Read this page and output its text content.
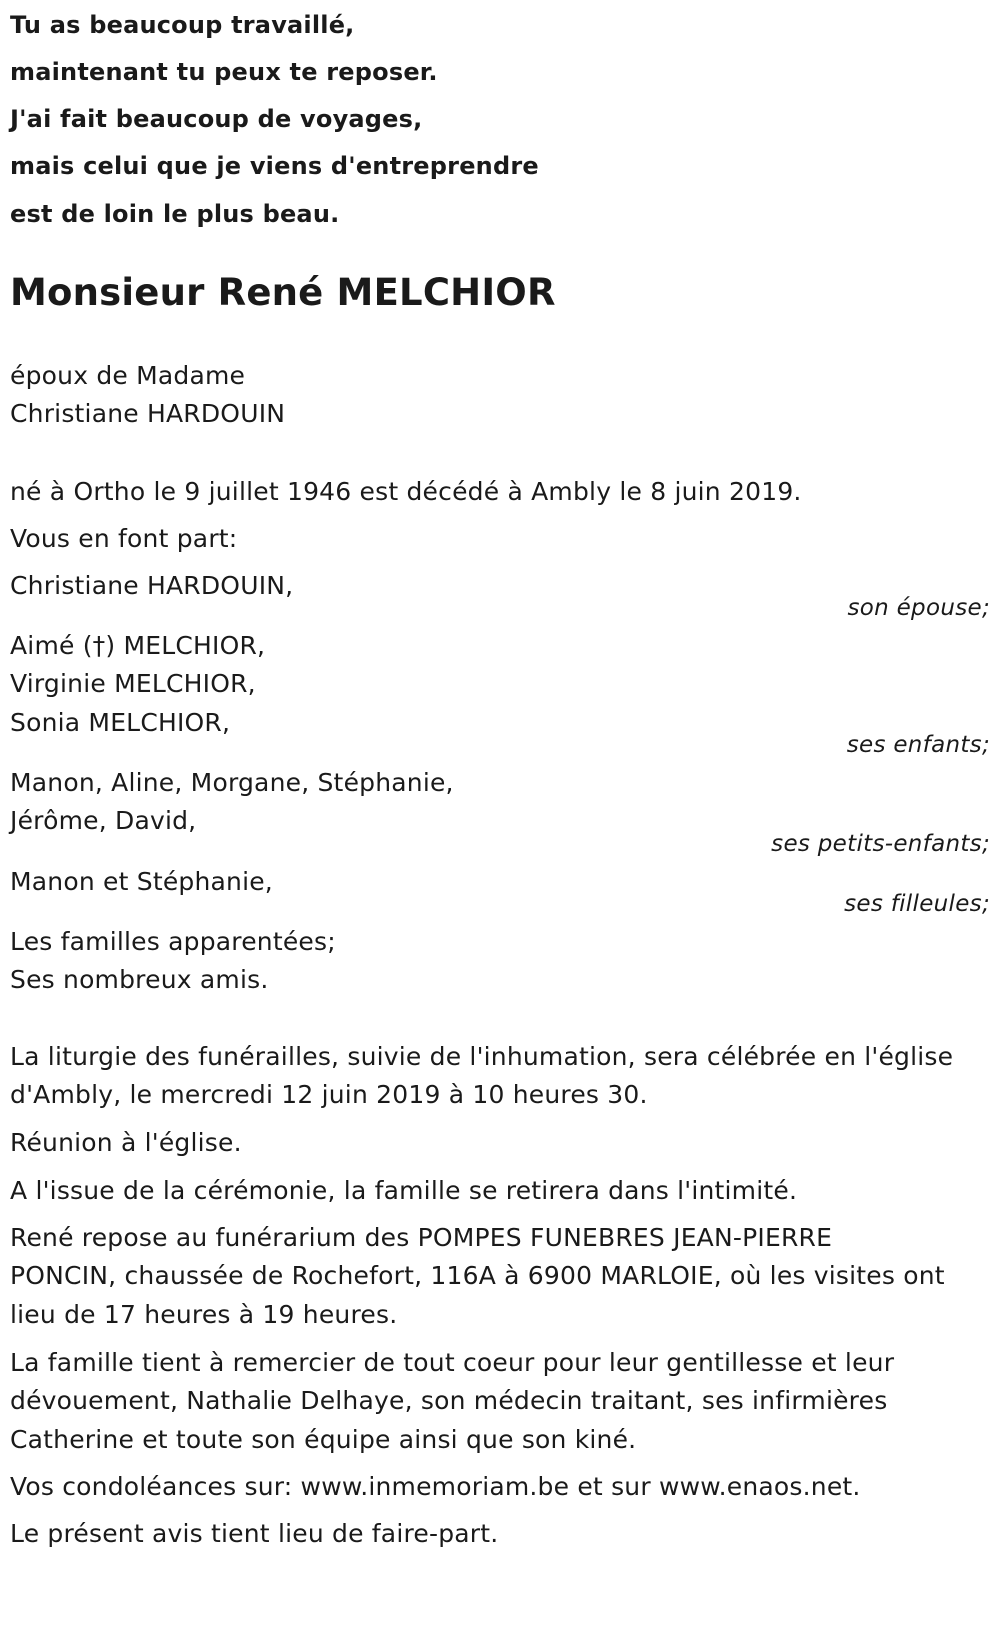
Tu as beaucoup travaillé,

maintenant tu peux te reposer.

J'ai fait beaucoup de voyages,

mais celui que je viens d'entreprendre

est de loin le plus beau.

Monsieur René MELCHIOR

époux de Madame

Christiane HARDOUIN

né à Ortho le 9 juillet 1946 est décédé à Ambly le 8 juin 2019.

Vous en font part:

Christiane HARDOUIN,

son épouse;

Aimé (†) MELCHIOR,

Virginie MELCHIOR,

Sonia MELCHIOR,

ses enfants;

Manon, Aline, Morgane, Stéphanie,

Jérôme, David,

ses petits-enfants;

Manon et Stéphanie,

ses filleules;

Les familles apparentées;

Ses nombreux amis.

La liturgie des funérailles, suivie de l'inhumation, sera célébrée en l'église

d'Ambly, le mercredi 12 juin 2019 à 10 heures 30.

Réunion à l'église.

A l'issue de la cérémonie, la famille se retirera dans l'intimité.

René repose au funérarium des POMPES FUNEBRES JEAN-PIERRE

PONCIN, chaussée de Rochefort, 116A à 6900 MARLOIE, où les visites ont

lieu de 17 heures à 19 heures.

La famille tient à remercier de tout coeur pour leur gentillesse et leur

dévouement, Nathalie Delhaye, son médecin traitant, ses infirmières

Catherine et toute son équipe ainsi que son kiné.

Vos condoléances sur: www.inmemoriam.be et sur www.enaos.net.

Le présent avis tient lieu de faire-part.
